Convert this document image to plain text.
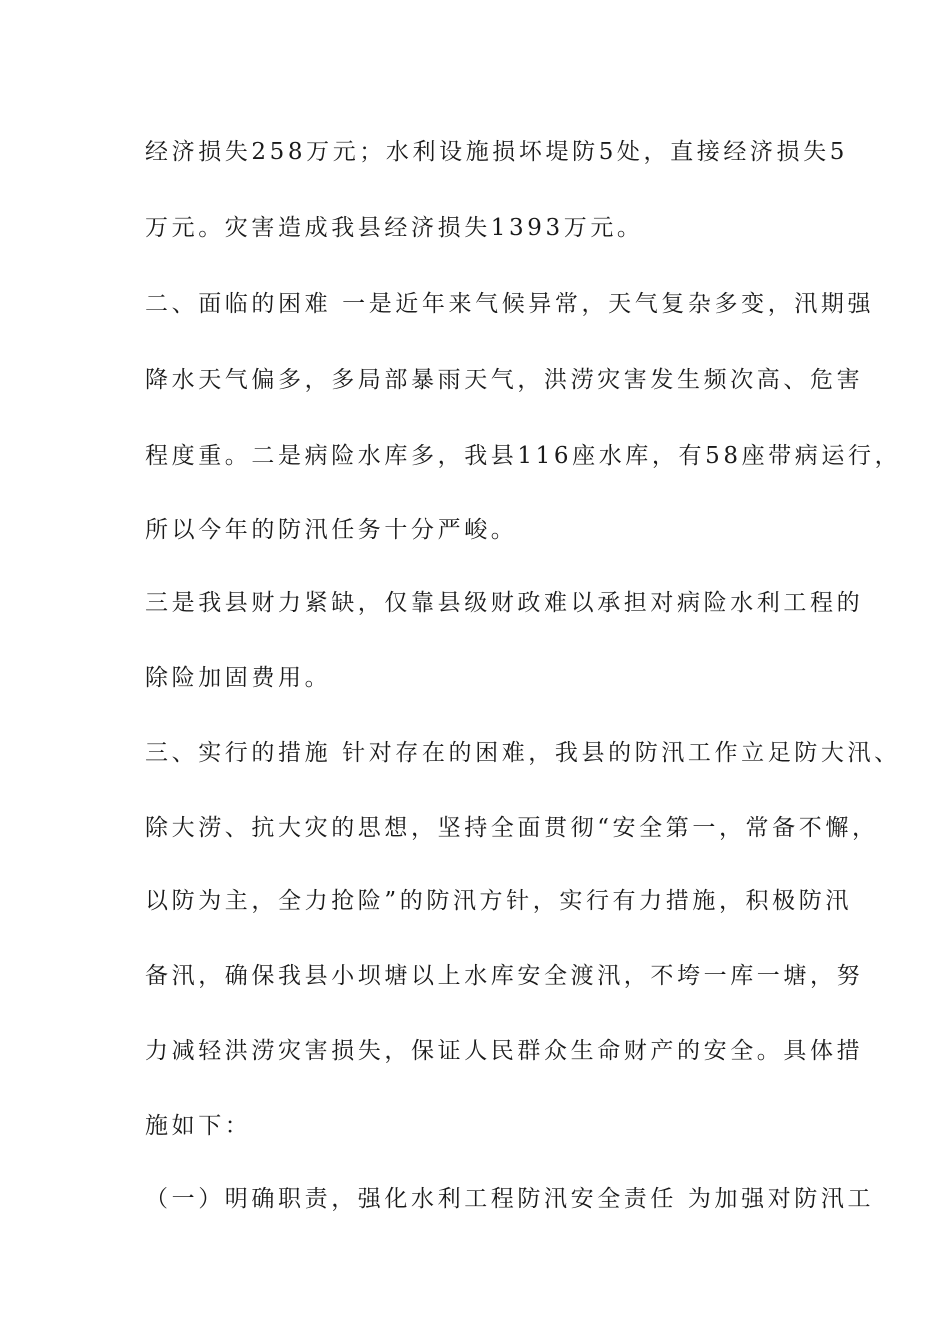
经济损失258万元；水利设施损坏堤防5处，直接经济损失5
万元。灾害造成我县经济损失1393万元。
二、面临的困难 一是近年来气候异常，天气复杂多变，汛期强
降水天气偏多，多局部暴雨天气，洪涝灾害发生频次高、危害
程度重。二是病险水库多，我县116座水库，有58座带病运行，
所以今年的防汛任务十分严峻。
三是我县财力紧缺，仅靠县级财政难以承担对病险水利工程的
除险加固费用。
三、实行的措施 针对存在的困难，我县的防汛工作立足防大汛、
除大涝、抗大灾的思想，坚持全面贯彻“安全第一，常备不懈，
以防为主，全力抢险”的防汛方针，实行有力措施，积极防汛
备汛，确保我县小坝塘以上水库安全渡汛，不垮一库一塘，努
力减轻洪涝灾害损失，保证人民群众生命财产的安全。具体措
施如下：
（一）明确职责，强化水利工程防汛安全责任 为加强对防汛工
